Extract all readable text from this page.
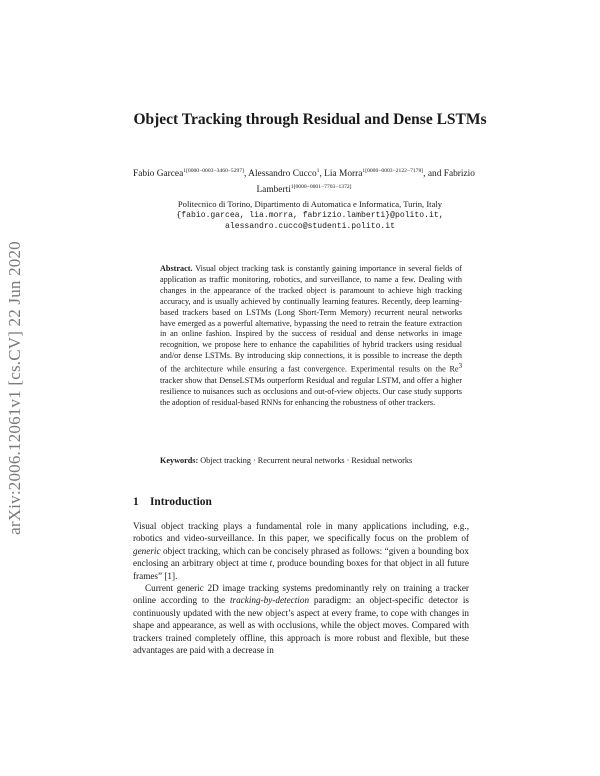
arXiv:2006.12061v1 [cs.CV] 22 Jun 2020
Object Tracking through Residual and Dense LSTMs
Fabio Garcea$^{1[0000-0003-3460-5297]}$, Alessandro Cucco$^1$, Lia Morra$^{1[0000-0003-2122-7178]}$, and Fabrizio Lamberti$^{1[0000-0001-7703-1372]}$
Politecnico di Torino, Dipartimento di Automatica e Informatica, Turin, Italy
{fabio.garcea, lia.morra, fabrizio.lamberti}@polito.it,
alessandro.cucco@studenti.polito.it
Abstract. Visual object tracking task is constantly gaining importance in several fields of application as traffic monitoring, robotics, and surveillance, to name a few. Dealing with changes in the appearance of the tracked object is paramount to achieve high tracking accuracy, and is usually achieved by continually learning features. Recently, deep learning-based trackers based on LSTMs (Long Short-Term Memory) recurrent neural networks have emerged as a powerful alternative, bypassing the need to retrain the feature extraction in an online fashion. Inspired by the success of residual and dense networks in image recognition, we propose here to enhance the capabilities of hybrid trackers using residual and/or dense LSTMs. By introducing skip connections, it is possible to increase the depth of the architecture while ensuring a fast convergence. Experimental results on the Re$^3$ tracker show that DenseLSTMs outperform Residual and regular LSTM, and offer a higher resilience to nuisances such as occlusions and out-of-view objects. Our case study supports the adoption of residual-based RNNs for enhancing the robustness of other trackers.
Keywords: Object tracking · Recurrent neural networks · Residual networks
1 Introduction

Visual object tracking plays a fundamental role in many applications including, e.g., robotics and video-surveillance. In this paper, we specifically focus on the problem of generic object tracking, which can be concisely phrased as follows: “given a bounding box enclosing an arbitrary object at time t, produce bounding boxes for that object in all future frames” [1].

Current generic 2D image tracking systems predominantly rely on training a tracker online according to the tracking-by-detection paradigm: an object-specific detector is continuously updated with the new object’s aspect at every frame, to cope with changes in shape and appearance, as well as with occlusions, while the object moves. Compared with trackers trained completely offline, this approach is more robust and flexible, but these advantages are paid with a decrease in
